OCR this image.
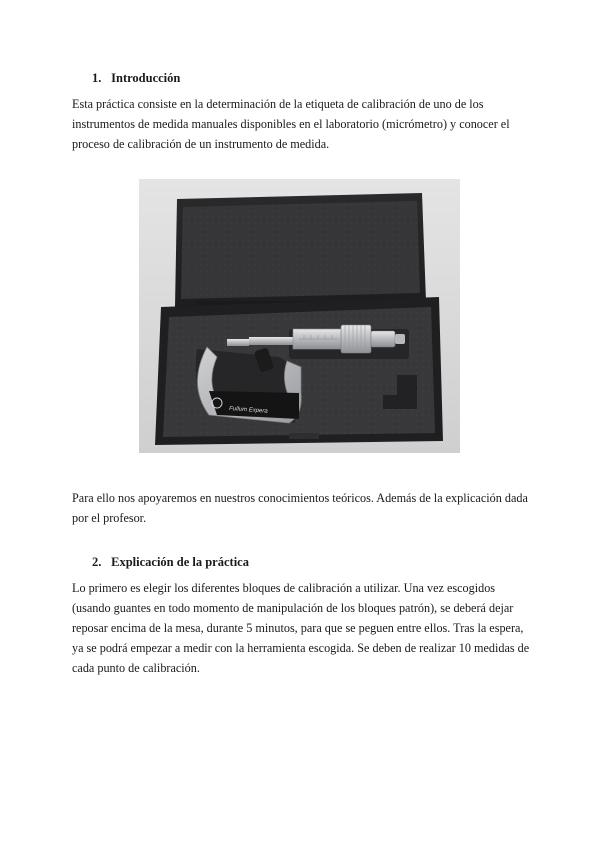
1. Introducción

Esta práctica consiste en la determinación de la etiqueta de calibración de uno de los instrumentos de medida manuales disponibles en el laboratorio (micrómetro) y conocer el proceso de calibración de un instrumento de medida.

Fullum Expera

Para ello nos apoyaremos en nuestros conocimientos teóricos. Además de la explicación dada por el profesor.

2. Explicación de la práctica

Lo primero es elegir los diferentes bloques de calibración a utilizar. Una vez escogidos (usando guantes en todo momento de manipulación de los bloques patrón), se deberá dejar reposar encima de la mesa, durante 5 minutos, para que se peguen entre ellos. Tras la espera, ya se podrá empezar a medir con la herramienta escogida. Se deben de realizar 10 medidas de cada punto de calibración.
